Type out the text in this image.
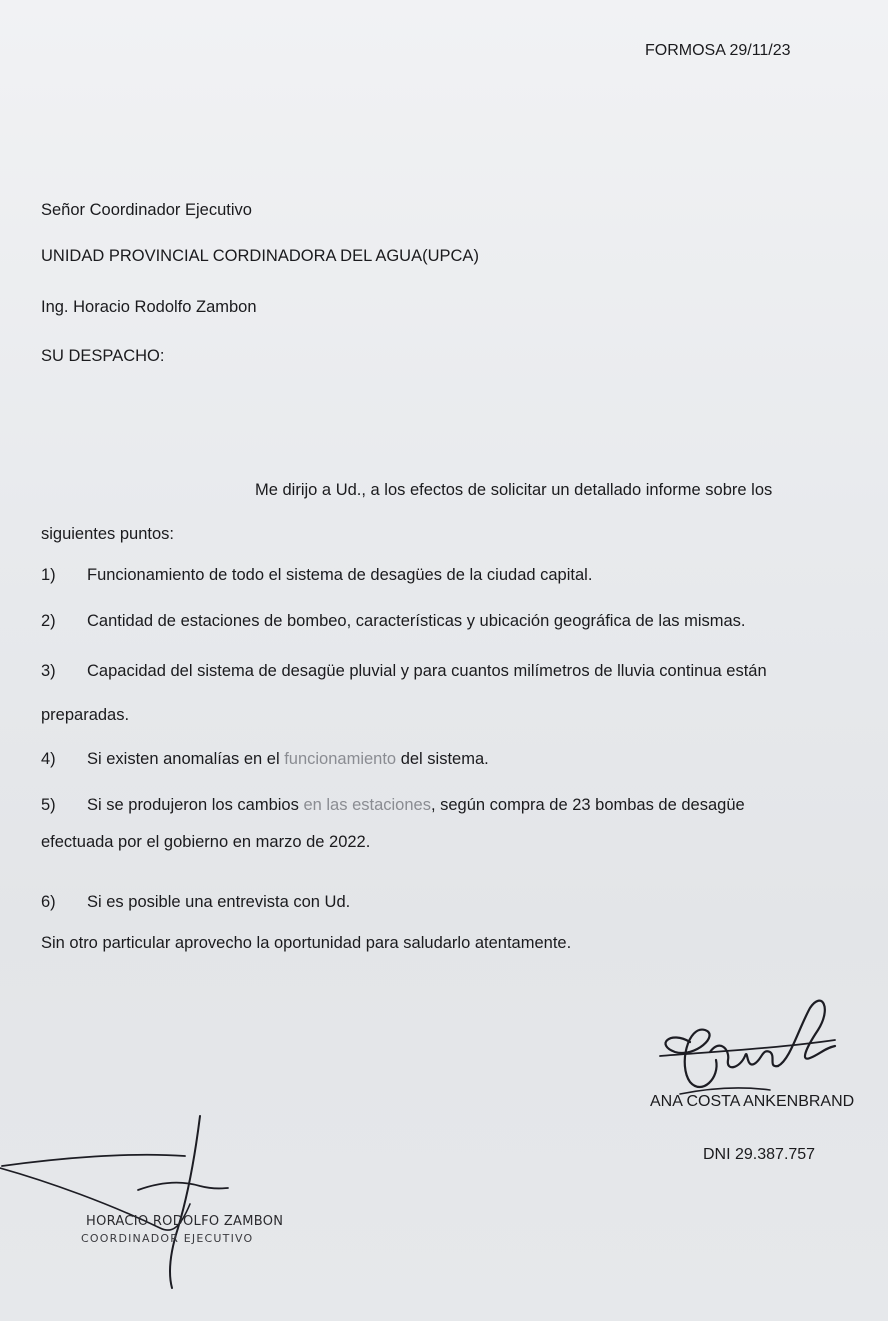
FORMOSA 29/11/23

Señor Coordinador Ejecutivo

UNIDAD PROVINCIAL CORDINADORA DEL AGUA(UPCA)

Ing. Horacio Rodolfo Zambon

SU DESPACHO:

Me dirijo a Ud., a los efectos de solicitar un detallado informe sobre los

siguientes puntos:

1) Funcionamiento de todo el sistema de desagües de la ciudad capital.

2) Cantidad de estaciones de bombeo, características y ubicación geográfica de las mismas.

3) Capacidad del sistema de desagüe pluvial y para cuantos milímetros de lluvia continua están

preparadas.

4) Si existen anomalías en el funcionamiento del sistema.

5) Si se produjeron los cambios en las estaciones, según compra de 23 bombas de desagüe

efectuada por el gobierno en marzo de 2022.

6) Si es posible una entrevista con Ud.

Sin otro particular aprovecho la oportunidad para saludarlo atentamente.

ANA COSTA ANKENBRAND

DNI 29.387.757

HORACIO RODOLFO ZAMBON

COORDINADOR EJECUTIVO
